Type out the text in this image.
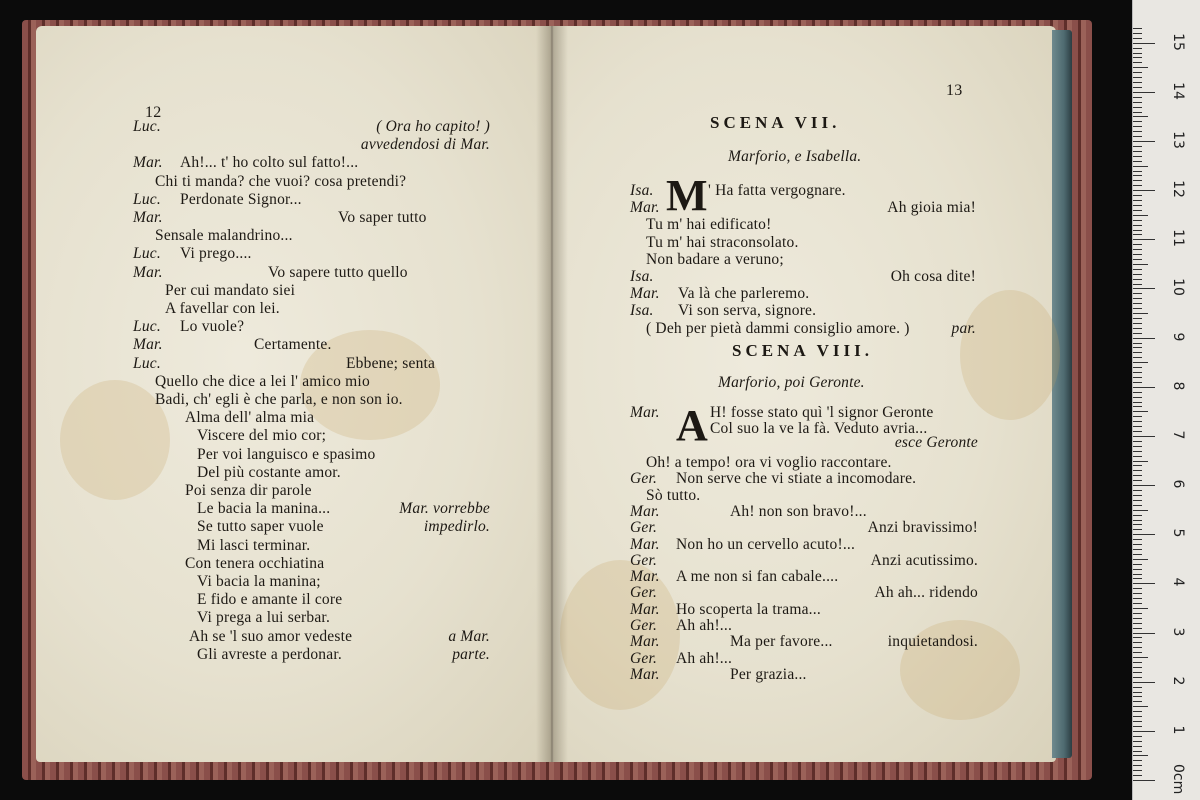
12
Luc.	( Ora ho capito! )
avvedendosi di Mar.
Mar. Ah!... t' ho colto sul fatto!...
Chi ti manda? che vuoi? cosa pretendi?
Luc. Perdonate Signor...
Mar.	Vo saper tutto
Sensale malandrino...
Luc. Vi prego....
Mar.	Vo sapere tutto quello
Per cui mandato siei
A favellar con lei.
Luc. Lo vuole?
Mar.	Certamente.
Luc.	Ebbene; senta
Quello che dice a lei l' amico mio
Badi, ch' egli è che parla, e non son io.
Alma dell' alma mia
Viscere del mio cor;
Per voi languisco e spasimo
Del più costante amor.
Poi senza dir parole
Le bacia la manina...	Mar. vorrebbe
Se tutto saper vuole	impedirlo.
Mi lasci terminar.
Con tenera occhiatina
Vi bacia la manina;
E fido e amante il core
Vi prega a lui serbar.
Ah se 'l suo amor vedeste	a Mar.
Gli avreste a perdonar.	parte.
13
SCENA VII.
Marforio, e Isabella.
M
Isa.	' Ha fatta vergognare.
Mar.	Ah gioia mia!
Tu m' hai edificato!
Tu m' hai straconsolato.
Non badare a veruno;
Isa.	Oh cosa dite!
Mar. Va là che parleremo.
Isa. Vi son serva, signore.
( Deh per pietà dammi consiglio amore. )	par.
SCENA VIII.
Marforio, poi Geronte.
A
Mar.	H! fosse stato quì 'l signor Geronte
Col suo la ve la fà. Veduto avria...
esce Geronte
Oh! a tempo! ora vi voglio raccontare.
Ger. Non serve che vi stiate a incomodare.
Sò tutto.
Mar.	Ah! non son bravo!...
Ger.	Anzi bravissimo!
Mar. Non ho un cervello acuto!...
Ger.	Anzi acutissimo.
Mar. A me non si fan cabale....
Ger.	Ah ah... ridendo
Mar. Ho scoperta la trama...
Ger. Ah ah!...
Mar.	Ma per favore...	inquietandosi.
Ger. Ah ah!...
Mar.	Per grazia...
15
14
13
12
11
10
9
8
7
6
5
4
3
2
1
0cm
